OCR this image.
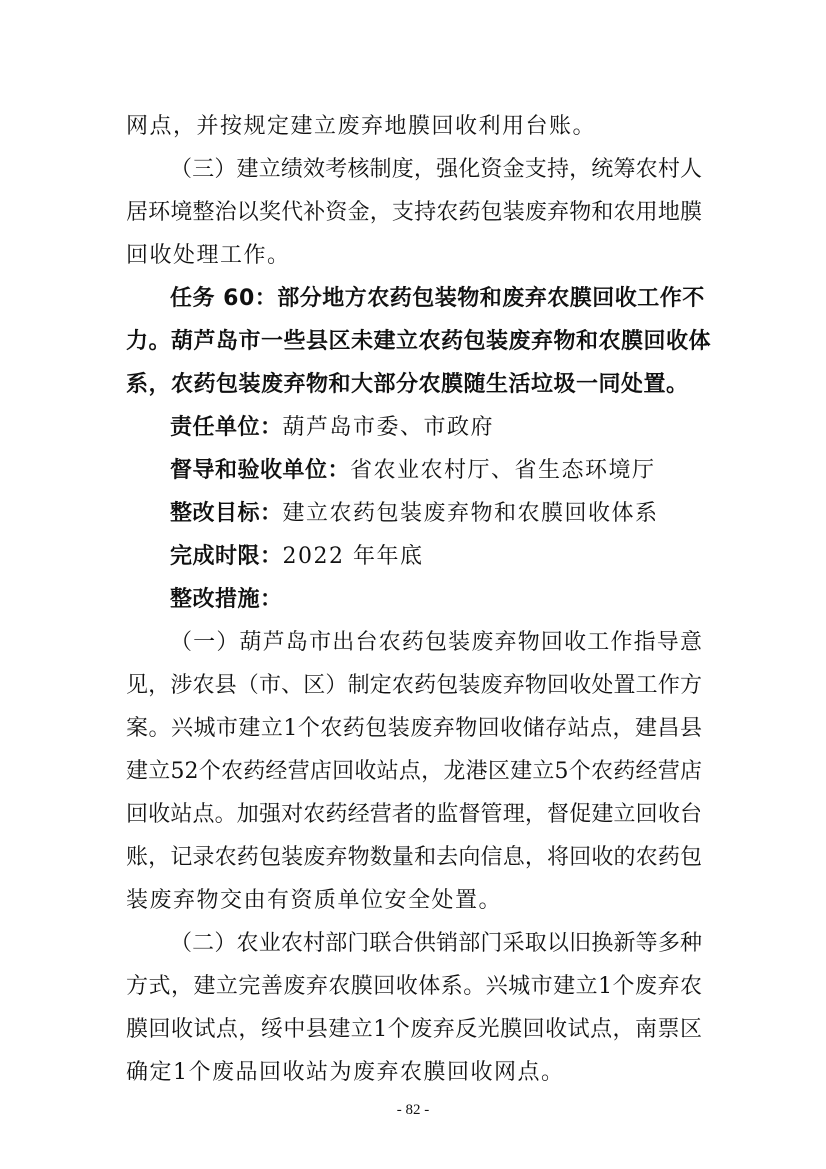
网点，并按规定建立废弃地膜回收利用台账。
（三）建立绩效考核制度，强化资金支持，统筹农村人
居环境整治以奖代补资金，支持农药包装废弃物和农用地膜
回收处理工作。
任务 60：部分地方农药包装物和废弃农膜回收工作不
力。葫芦岛市一些县区未建立农药包装废弃物和农膜回收体
系，农药包装废弃物和大部分农膜随生活垃圾一同处置。
责任单位：葫芦岛市委、市政府
督导和验收单位：省农业农村厅、省生态环境厅
整改目标：建立农药包装废弃物和农膜回收体系
完成时限：2022 年年底
整改措施：
（一）葫芦岛市出台农药包装废弃物回收工作指导意
见，涉农县（市、区）制定农药包装废弃物回收处置工作方
案。兴城市建立1个农药包装废弃物回收储存站点，建昌县
建立52个农药经营店回收站点，龙港区建立5个农药经营店
回收站点。加强对农药经营者的监督管理，督促建立回收台
账，记录农药包装废弃物数量和去向信息，将回收的农药包
装废弃物交由有资质单位安全处置。
（二）农业农村部门联合供销部门采取以旧换新等多种
方式，建立完善废弃农膜回收体系。兴城市建立1个废弃农
膜回收试点，绥中县建立1个废弃反光膜回收试点，南票区
确定1个废品回收站为废弃农膜回收网点。
- 82 -
